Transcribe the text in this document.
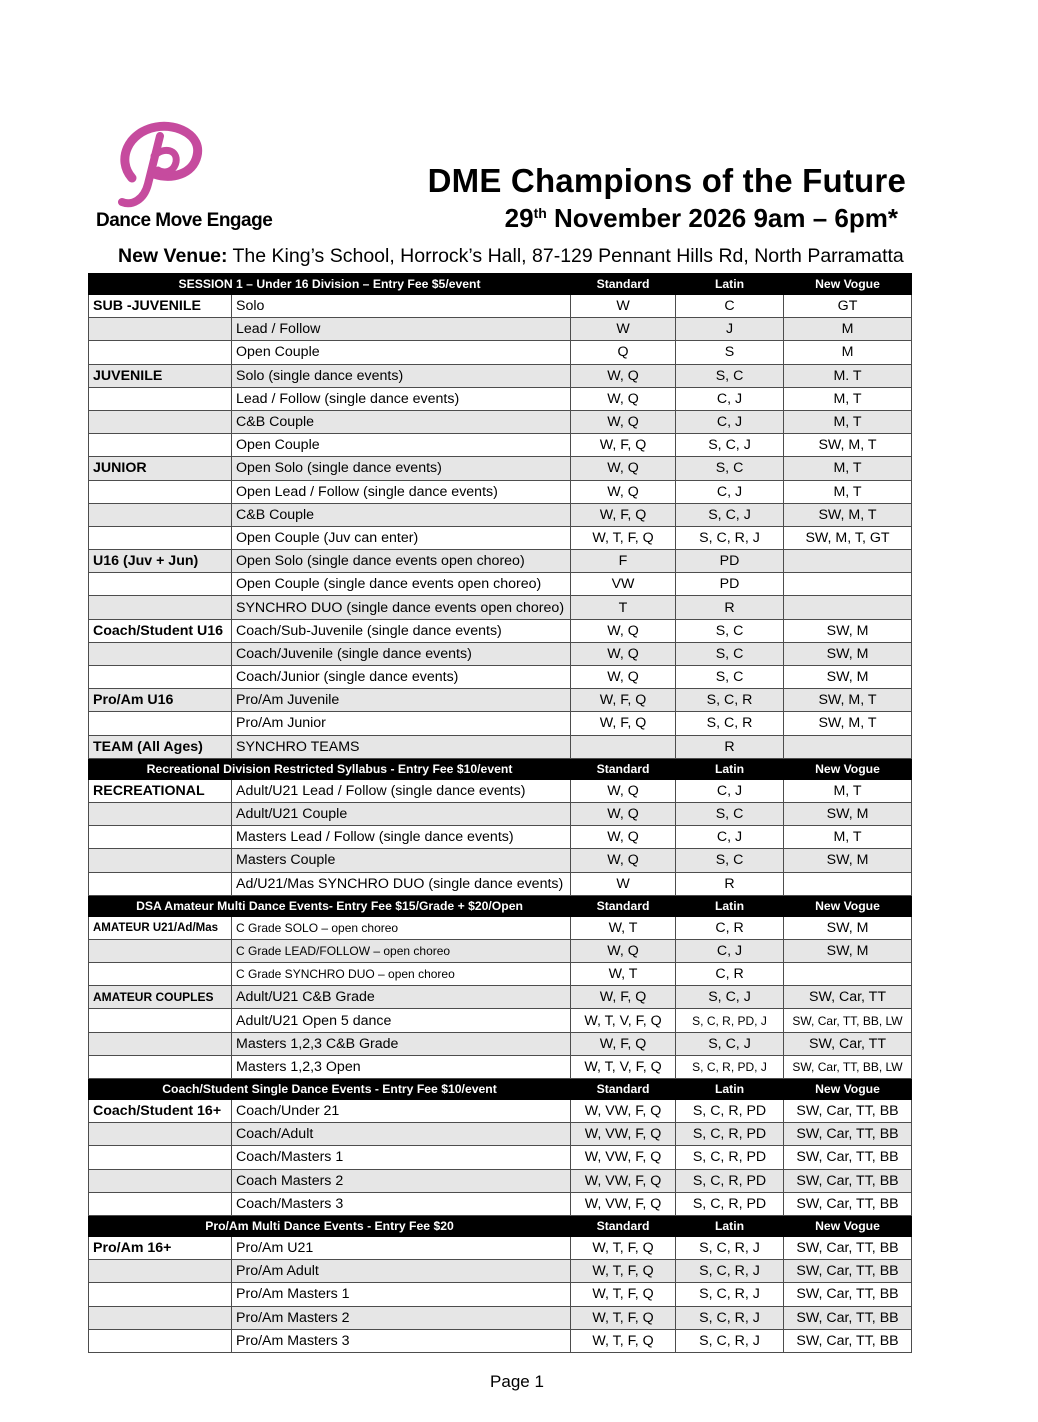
Dance Move Engage
DME Champions of the Future
29th November 2026 9am – 6pm*
New Venue: The King’s School, Horrock’s Hall, 87-129 Pennant Hills Rd, North Parramatta
SESSION 1 – Under 16 Division – Entry Fee $5/event		Standard	Latin	New Vogue
SUB -JUVENILE	Solo	W	C	GT
	Lead / Follow	W	J	M
	Open Couple	Q	S	M
JUVENILE	Solo (single dance events)	W, Q	S, C	M. T
	Lead / Follow (single dance events)	W, Q	C, J	M, T
	C&B Couple	W, Q	C, J	M, T
	Open Couple	W, F, Q	S, C, J	SW, M, T
JUNIOR	Open Solo (single dance events)	W, Q	S, C	M, T
	Open Lead / Follow (single dance events)	W, Q	C, J	M, T
	C&B Couple	W, F, Q	S, C, J	SW, M, T
	Open Couple (Juv can enter)	W, T, F, Q	S, C, R, J	SW, M, T, GT
U16 (Juv + Jun)	Open Solo (single dance events open choreo)	F	PD	
	Open Couple (single dance events open choreo)	VW	PD	
	SYNCHRO DUO (single dance events open choreo)	T	R	
Coach/Student U16	Coach/Sub-Juvenile (single dance events)	W, Q	S, C	SW, M
	Coach/Juvenile (single dance events)	W, Q	S, C	SW, M
	Coach/Junior (single dance events)	W, Q	S, C	SW, M
Pro/Am U16	Pro/Am Juvenile	W, F, Q	S, C, R	SW, M, T
	Pro/Am Junior	W, F, Q	S, C, R	SW, M, T
TEAM (All Ages)	SYNCHRO TEAMS		R	
Recreational Division Restricted Syllabus - Entry Fee $10/event		Standard	Latin	New Vogue
RECREATIONAL	Adult/U21 Lead / Follow (single dance events)	W, Q	C, J	M, T
	Adult/U21 Couple	W, Q	S, C	SW, M
	Masters Lead / Follow (single dance events)	W, Q	C, J	M, T
	Masters Couple	W, Q	S, C	SW, M
	Ad/U21/Mas SYNCHRO DUO (single dance events)	W	R	
DSA Amateur Multi Dance Events- Entry Fee $15/Grade + $20/Open		Standard	Latin	New Vogue
AMATEUR U21/Ad/Mas	C Grade SOLO – open choreo	W, T	C, R	SW, M
	C Grade LEAD/FOLLOW – open choreo	W, Q	C, J	SW, M
	C Grade SYNCHRO DUO – open choreo	W, T	C, R	
AMATEUR COUPLES	Adult/U21 C&B Grade	W, F, Q	S, C, J	SW, Car, TT
	Adult/U21 Open 5 dance	W, T, V, F, Q	S, C, R, PD, J	SW, Car, TT, BB, LW
	Masters 1,2,3 C&B Grade	W, F, Q	S, C, J	SW, Car, TT
	Masters 1,2,3 Open	W, T, V, F, Q	S, C, R, PD, J	SW, Car, TT, BB, LW
Coach/Student Single Dance Events - Entry Fee $10/event		Standard	Latin	New Vogue
Coach/Student 16+	Coach/Under 21	W, VW, F, Q	S, C, R, PD	SW, Car, TT, BB
	Coach/Adult	W, VW, F, Q	S, C, R, PD	SW, Car, TT, BB
	Coach/Masters 1	W, VW, F, Q	S, C, R, PD	SW, Car, TT, BB
	Coach Masters 2	W, VW, F, Q	S, C, R, PD	SW, Car, TT, BB
	Coach/Masters 3	W, VW, F, Q	S, C, R, PD	SW, Car, TT, BB
Pro/Am Multi Dance Events - Entry Fee $20		Standard	Latin	New Vogue
Pro/Am 16+	Pro/Am U21	W, T, F, Q	S, C, R, J	SW, Car, TT, BB
	Pro/Am Adult	W, T, F, Q	S, C, R, J	SW, Car, TT, BB
	Pro/Am Masters 1	W, T, F, Q	S, C, R, J	SW, Car, TT, BB
	Pro/Am Masters 2	W, T, F, Q	S, C, R, J	SW, Car, TT, BB
	Pro/Am Masters 3	W, T, F, Q	S, C, R, J	SW, Car, TT, BB
Page 1
